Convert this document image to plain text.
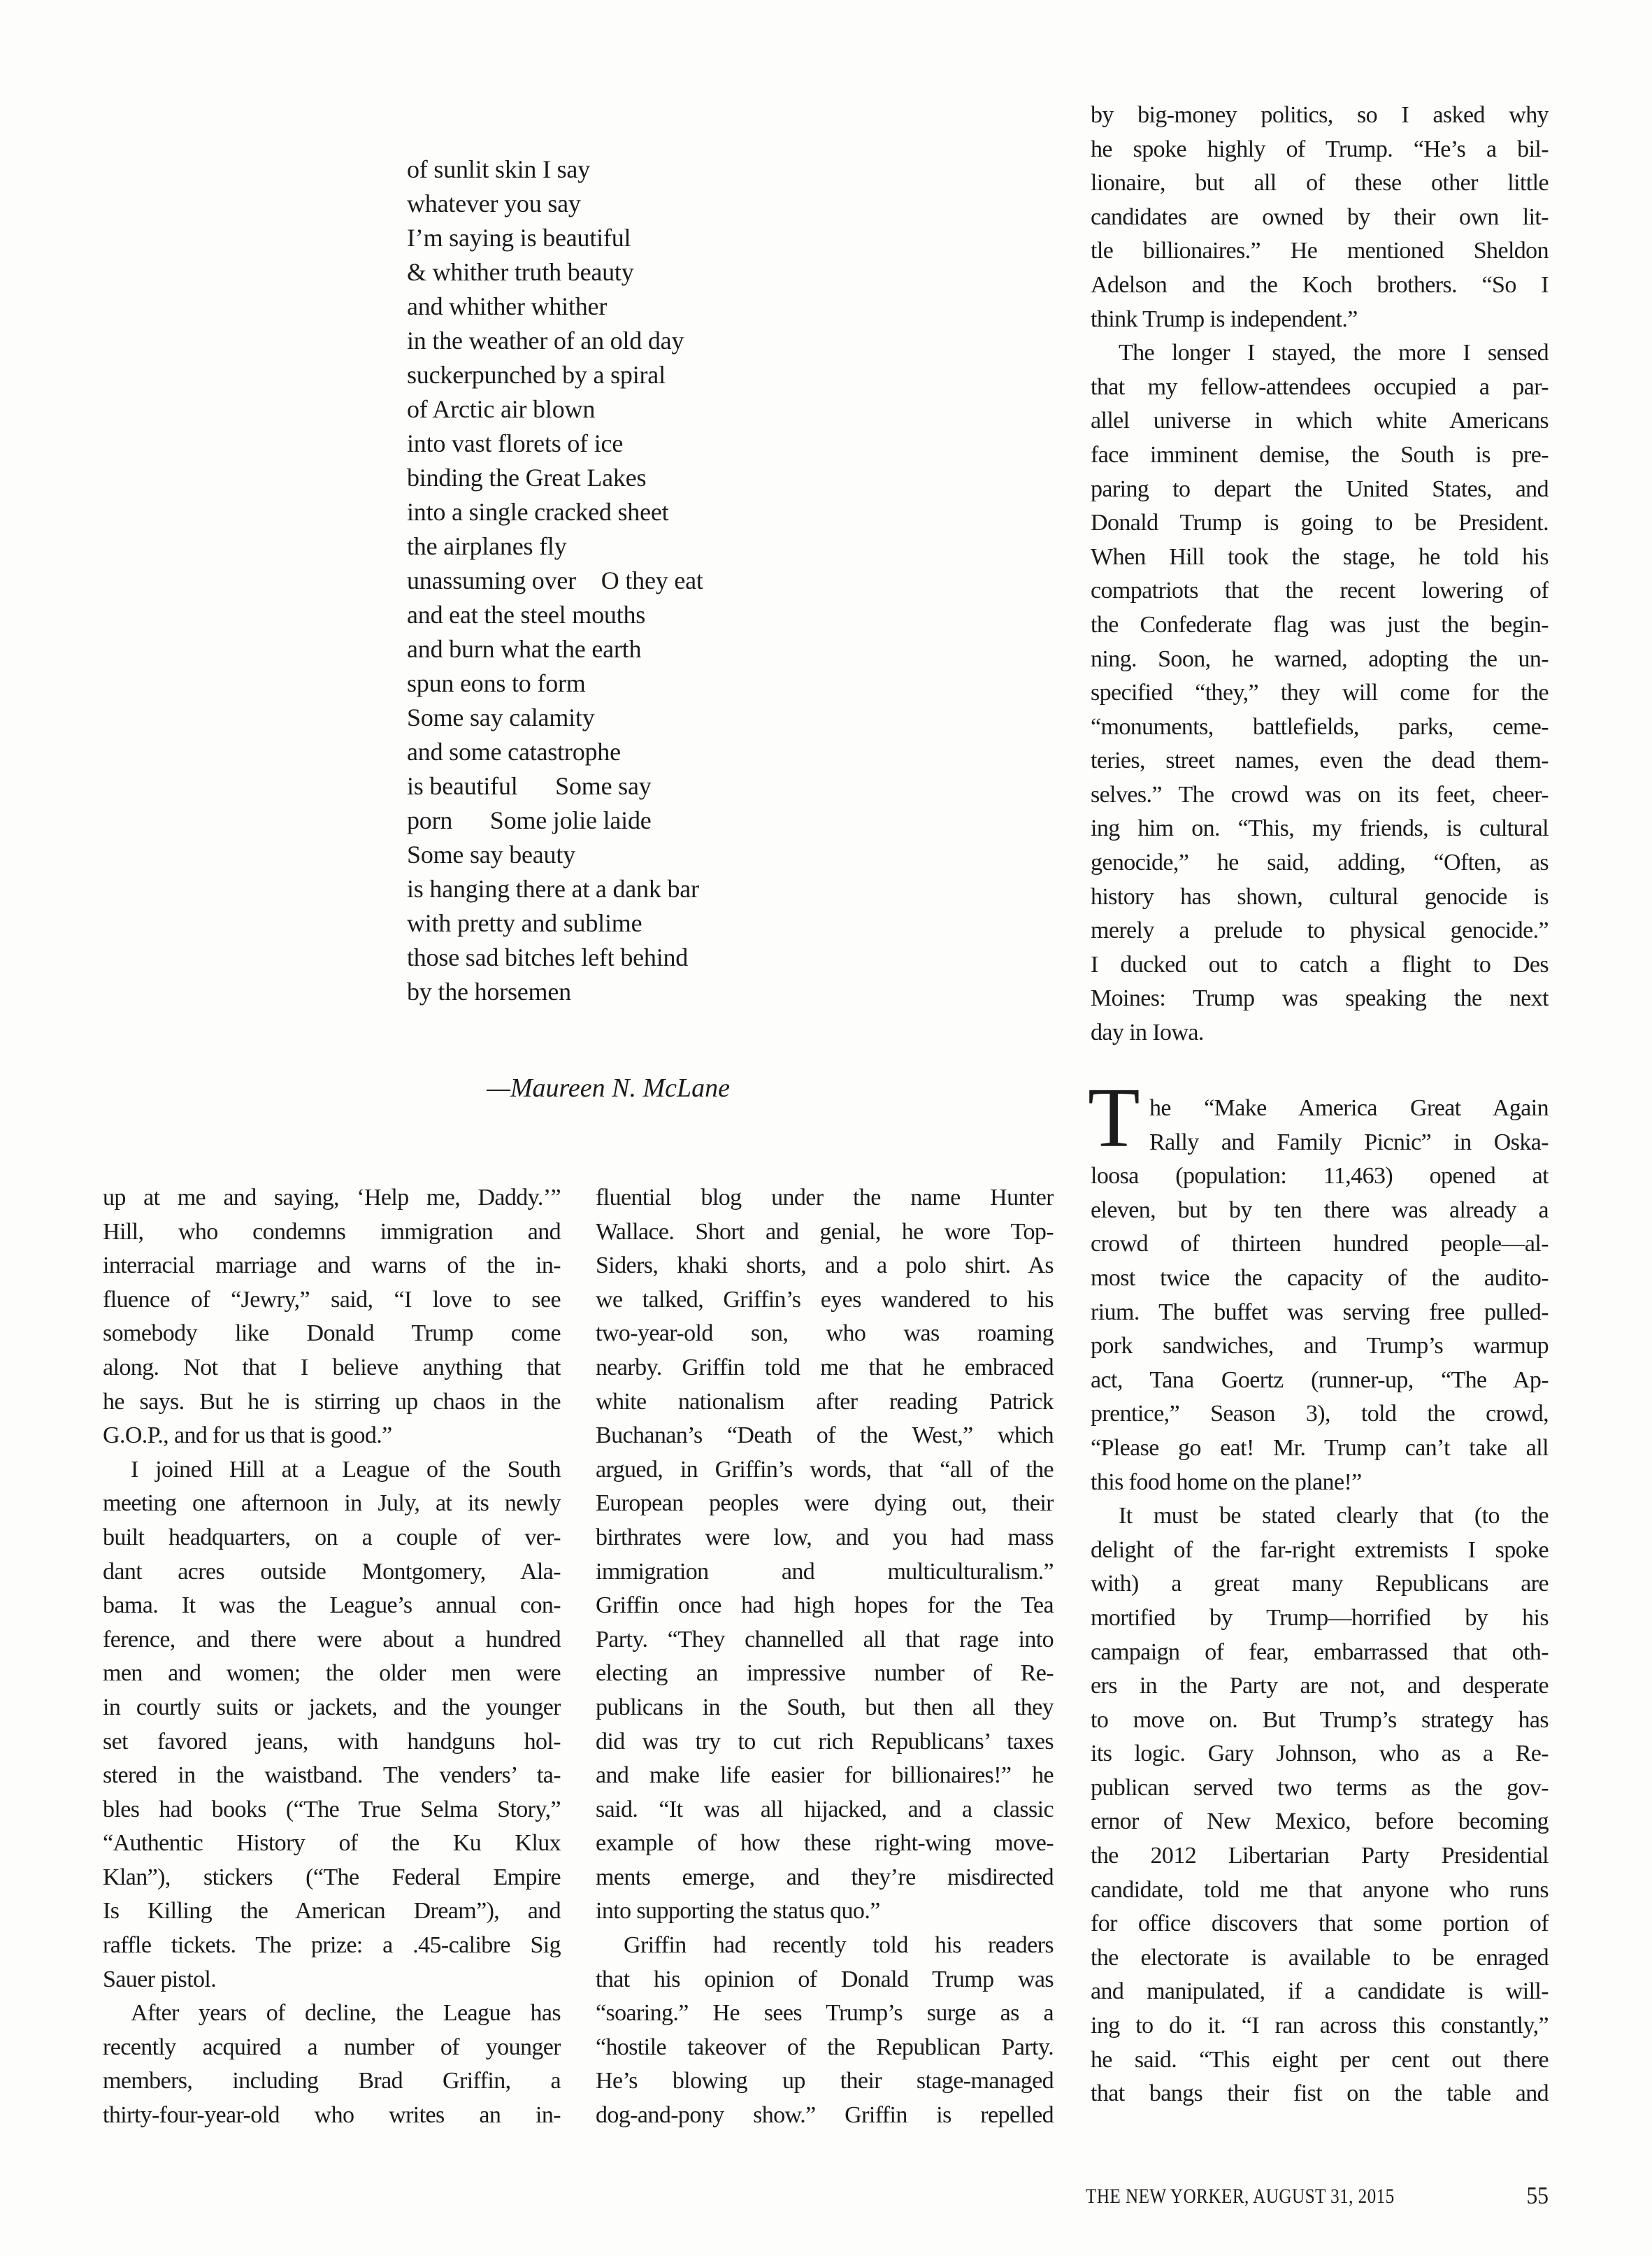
of sunlit skin I say
whatever you say
I’m saying is beautiful
& whither truth beauty
and whither whither
in the weather of an old day
suckerpunched by a spiral
of Arctic air blown
into vast florets of ice
binding the Great Lakes
into a single cracked sheet
the airplanes fly
unassuming over O they eat
and eat the steel mouths
and burn what the earth
spun eons to form
Some say calamity
and some catastrophe
is beautiful  Some say
porn  Some jolie laide
Some say beauty
is hanging there at a dank bar
with pretty and sublime
those sad bitches left behind
by the horsemen
—Maureen N. McLane
up at me and saying, ‘Help me, Daddy.’”
Hill, who condemns immigration and
interracial marriage and warns of the in-
fluence of “Jewry,” said, “I love to see
somebody like Donald Trump come
along. Not that I believe anything that
he says. But he is stirring up chaos in the
G.O.P., and for us that is good.”
I joined Hill at a League of the South
meeting one afternoon in July, at its newly
built headquarters, on a couple of ver-
dant acres outside Montgomery, Ala-
bama. It was the League’s annual con-
ference, and there were about a hundred
men and women; the older men were
in courtly suits or jackets, and the younger
set favored jeans, with handguns hol-
stered in the waistband. The venders’ ta-
bles had books (“The True Selma Story,”
“Authentic History of the Ku Klux
Klan”), stickers (“The Federal Empire
Is Killing the American Dream”), and
raffle tickets. The prize: a .45-calibre Sig
Sauer pistol.
After years of decline, the League has
recently acquired a number of younger
members, including Brad Griffin, a
thirty-four-year-old who writes an in-
fluential blog under the name Hunter
Wallace. Short and genial, he wore Top-
Siders, khaki shorts, and a polo shirt. As
we talked, Griffin’s eyes wandered to his
two-year-old son, who was roaming
nearby. Griffin told me that he embraced
white nationalism after reading Patrick
Buchanan’s “Death of the West,” which
argued, in Griffin’s words, that “all of the
European peoples were dying out, their
birthrates were low, and you had mass
immigration and multiculturalism.”
Griffin once had high hopes for the Tea
Party. “They channelled all that rage into
electing an impressive number of Re-
publicans in the South, but then all they
did was try to cut rich Republicans’ taxes
and make life easier for billionaires!” he
said. “It was all hijacked, and a classic
example of how these right-wing move-
ments emerge, and they’re misdirected
into supporting the status quo.”
Griffin had recently told his readers
that his opinion of Donald Trump was
“soaring.” He sees Trump’s surge as a
“hostile takeover of the Republican Party.
He’s blowing up their stage-managed
dog-and-pony show.” Griffin is repelled
by big-money politics, so I asked why
he spoke highly of Trump. “He’s a bil-
lionaire, but all of these other little
candidates are owned by their own lit-
tle billionaires.” He mentioned Sheldon
Adelson and the Koch brothers. “So I
think Trump is independent.”
The longer I stayed, the more I sensed
that my fellow-attendees occupied a par-
allel universe in which white Americans
face imminent demise, the South is pre-
paring to depart the United States, and
Donald Trump is going to be President.
When Hill took the stage, he told his
compatriots that the recent lowering of
the Confederate flag was just the begin-
ning. Soon, he warned, adopting the un-
specified “they,” they will come for the
“monuments, battlefields, parks, ceme-
teries, street names, even the dead them-
selves.” The crowd was on its feet, cheer-
ing him on. “This, my friends, is cultural
genocide,” he said, adding, “Often, as
history has shown, cultural genocide is
merely a prelude to physical genocide.”
I ducked out to catch a flight to Des
Moines: Trump was speaking the next
day in Iowa.
T he “Make America Great Again
Rally and Family Picnic” in Oska-
loosa (population: 11,463) opened at
eleven, but by ten there was already a
crowd of thirteen hundred people—al-
most twice the capacity of the audito-
rium. The buffet was serving free pulled-
pork sandwiches, and Trump’s warmup
act, Tana Goertz (runner-up, “The Ap-
prentice,” Season 3), told the crowd,
“Please go eat! Mr. Trump can’t take all
this food home on the plane!”
It must be stated clearly that (to the
delight of the far-right extremists I spoke
with) a great many Republicans are
mortified by Trump—horrified by his
campaign of fear, embarrassed that oth-
ers in the Party are not, and desperate
to move on. But Trump’s strategy has
its logic. Gary Johnson, who as a Re-
publican served two terms as the gov-
ernor of New Mexico, before becoming
the 2012 Libertarian Party Presidential
candidate, told me that anyone who runs
for office discovers that some portion of
the electorate is available to be enraged
and manipulated, if a candidate is will-
ing to do it. “I ran across this constantly,”
he said. “This eight per cent out there
that bangs their fist on the table and
THE NEW YORKER, AUGUST 31, 2015	55
